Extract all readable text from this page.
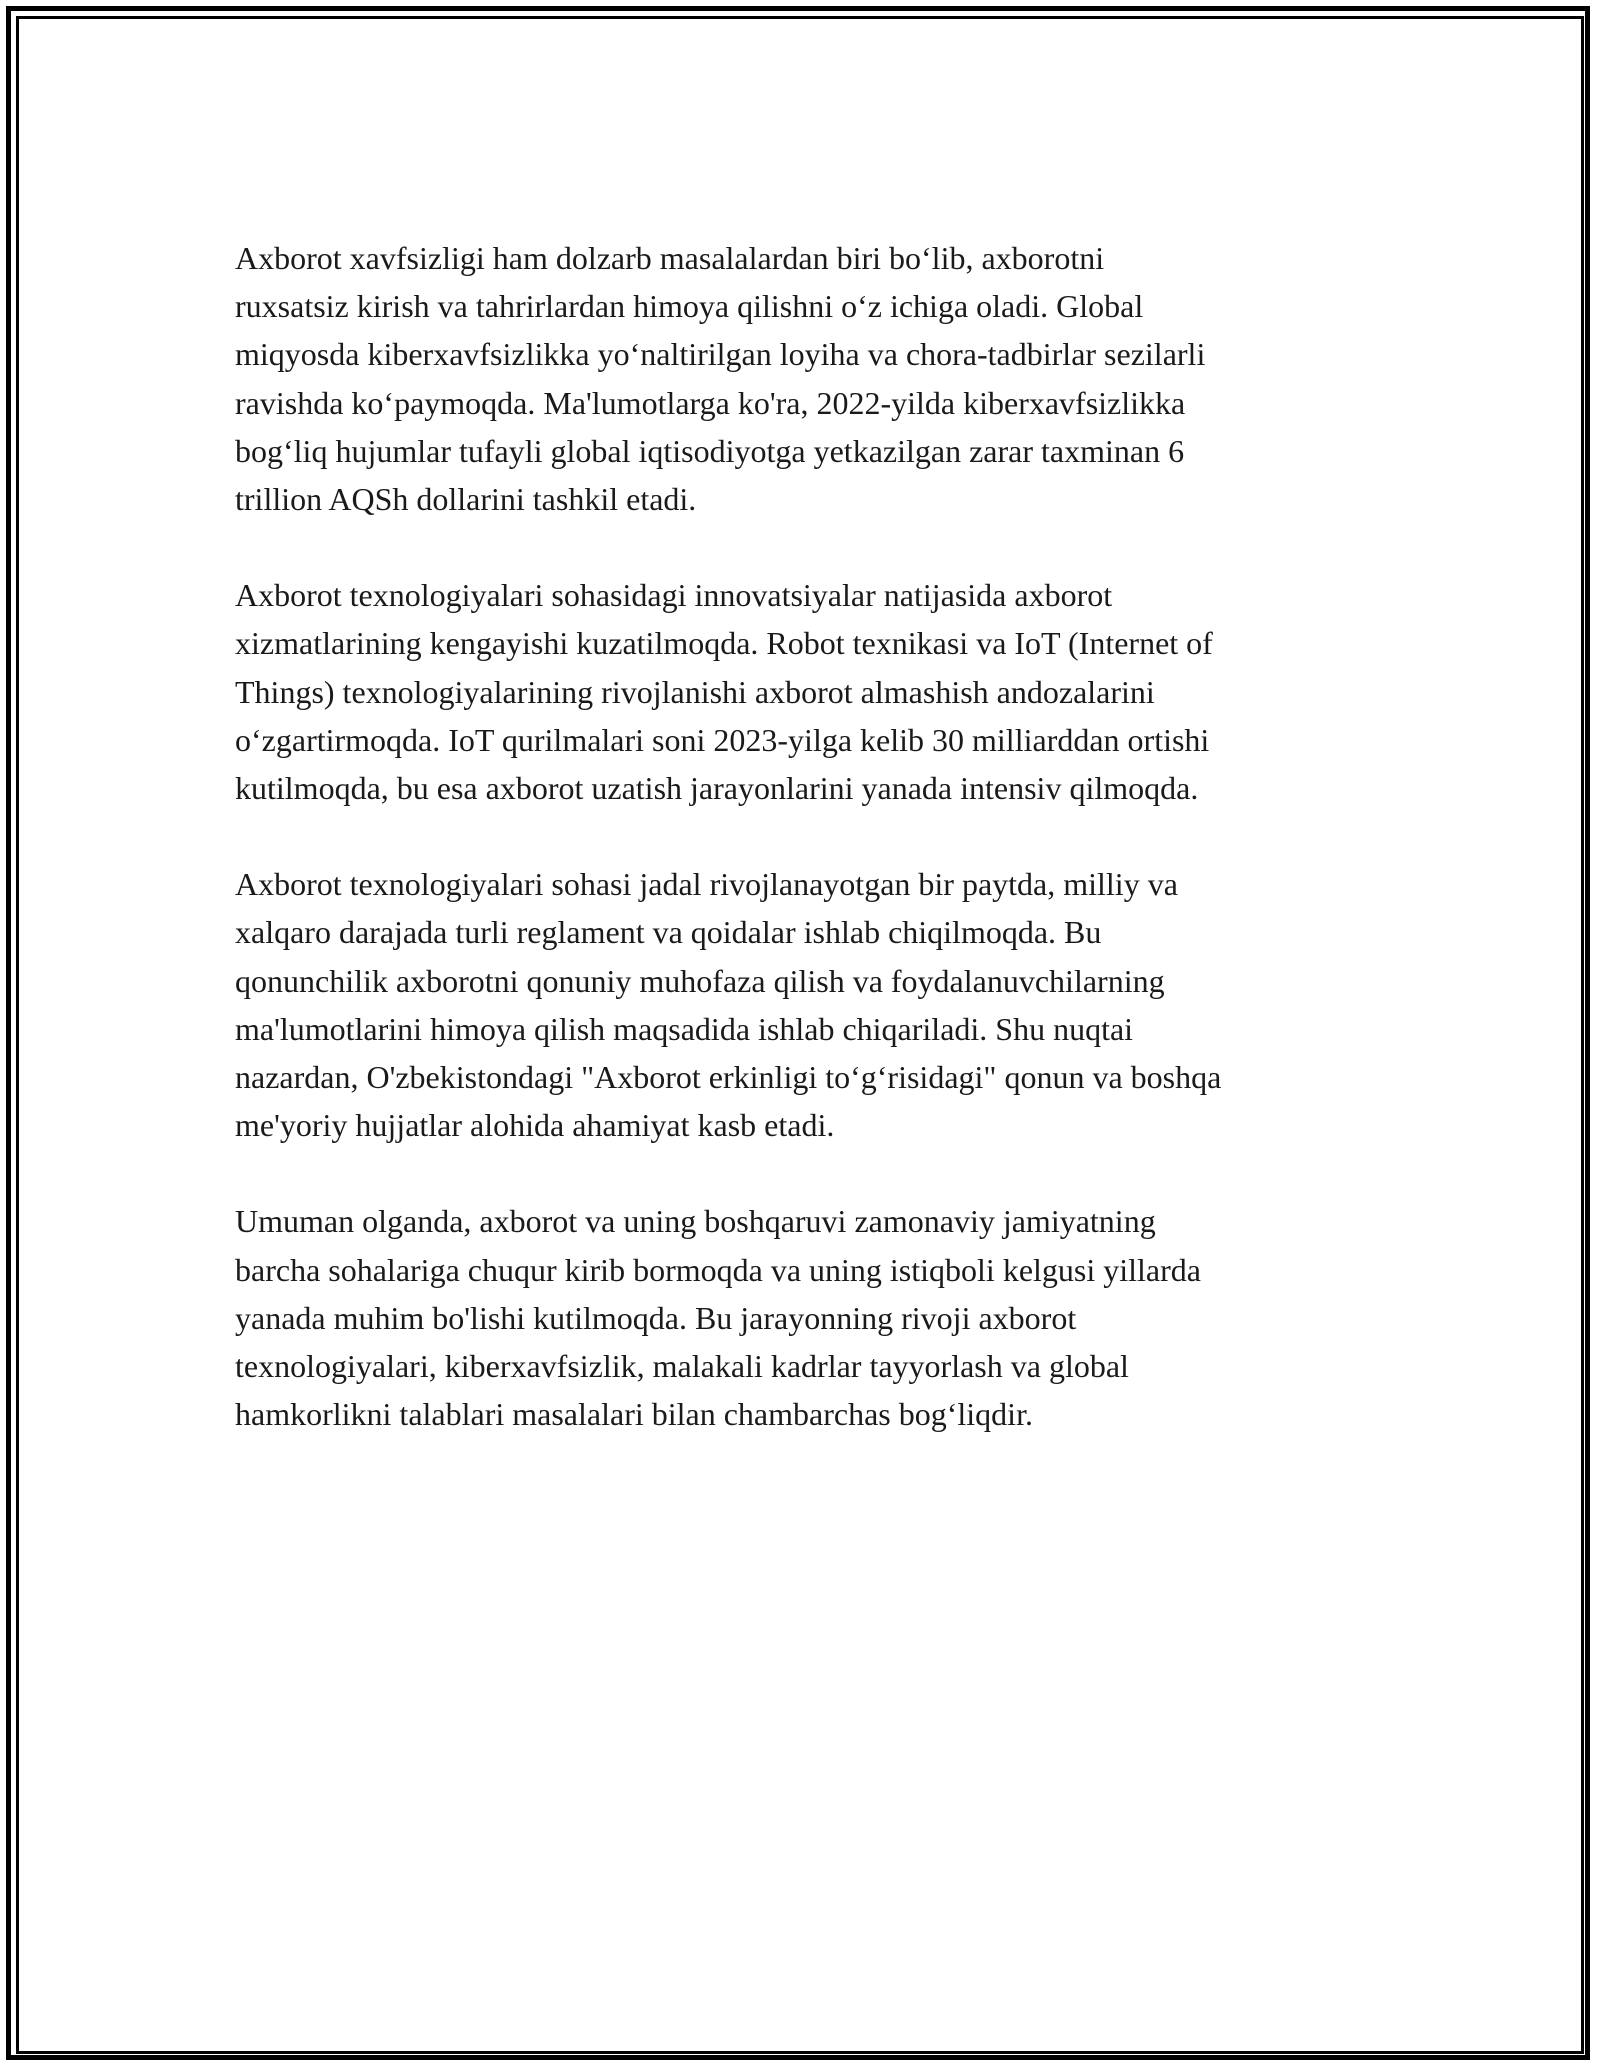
Axborot xavfsizligi ham dolzarb masalalardan biri bo‘lib, axborotni
ruxsatsiz kirish va tahrirlardan himoya qilishni o‘z ichiga oladi. Global
miqyosda kiberxavfsizlikka yo‘naltirilgan loyiha va chora-tadbirlar sezilarli
ravishda ko‘paymoqda. Ma'lumotlarga ko'ra, 2022-yilda kiberxavfsizlikka
bog‘liq hujumlar tufayli global iqtisodiyotga yetkazilgan zarar taxminan 6
trillion AQSh dollarini tashkil etadi.

Axborot texnologiyalari sohasidagi innovatsiyalar natijasida axborot
xizmatlarining kengayishi kuzatilmoqda. Robot texnikasi va IoT (Internet of
Things) texnologiyalarining rivojlanishi axborot almashish andozalarini
o‘zgartirmoqda. IoT qurilmalari soni 2023-yilga kelib 30 milliarddan ortishi
kutilmoqda, bu esa axborot uzatish jarayonlarini yanada intensiv qilmoqda.

Axborot texnologiyalari sohasi jadal rivojlanayotgan bir paytda, milliy va
xalqaro darajada turli reglament va qoidalar ishlab chiqilmoqda. Bu
qonunchilik axborotni qonuniy muhofaza qilish va foydalanuvchilarning
ma'lumotlarini himoya qilish maqsadida ishlab chiqariladi. Shu nuqtai
nazardan, O'zbekistondagi "Axborot erkinligi to‘g‘risidagi" qonun va boshqa
me'yoriy hujjatlar alohida ahamiyat kasb etadi.

Umuman olganda, axborot va uning boshqaruvi zamonaviy jamiyatning
barcha sohalariga chuqur kirib bormoqda va uning istiqboli kelgusi yillarda
yanada muhim bo'lishi kutilmoqda. Bu jarayonning rivoji axborot
texnologiyalari, kiberxavfsizlik, malakali kadrlar tayyorlash va global
hamkorlikni talablari masalalari bilan chambarchas bog‘liqdir.
